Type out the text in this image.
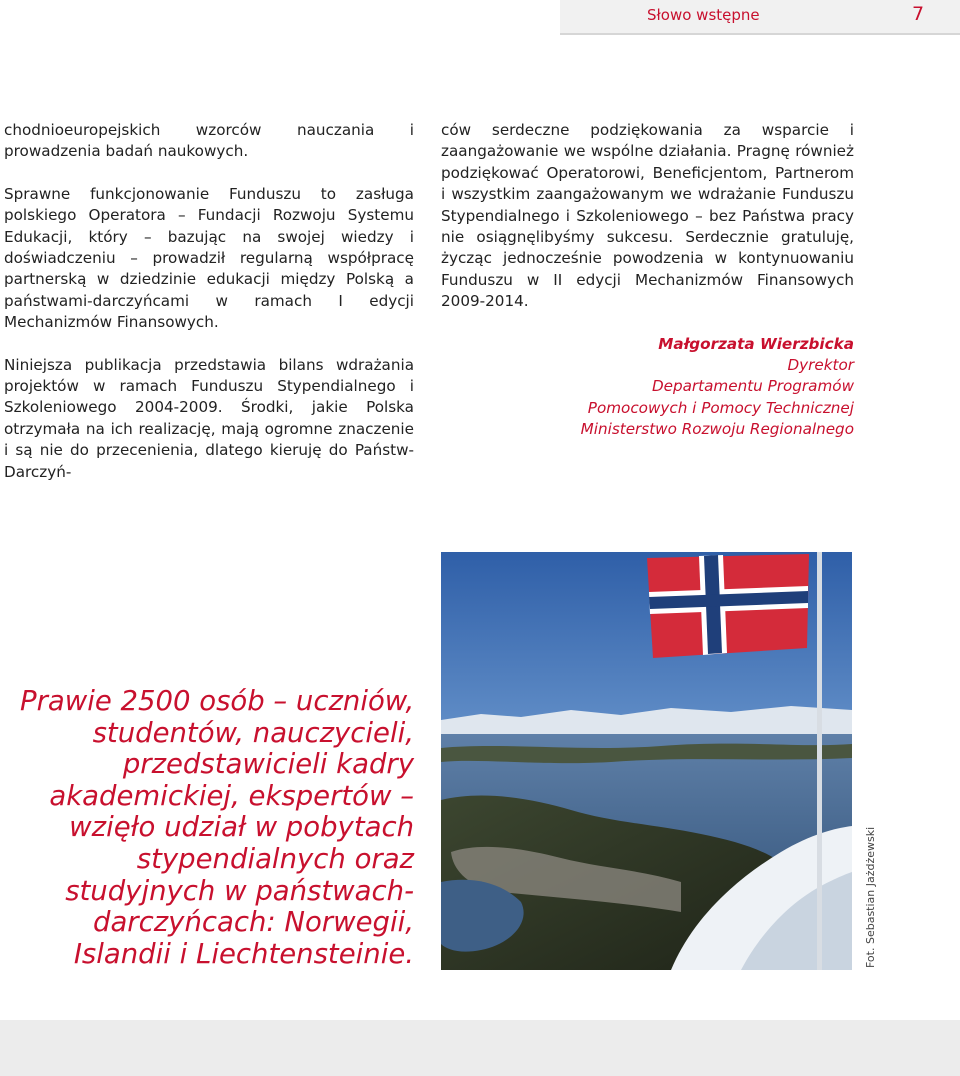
Słowo wstępne	7

chodnioeuropejskich wzorców nauczania i prowadzenia badań naukowych.

Sprawne funkcjonowanie Funduszu to zasługa polskiego Operatora – Fundacji Rozwoju Systemu Edukacji, który – bazując na swojej wiedzy i doświadczeniu – prowadził regularną współpracę partnerską w dziedzinie edukacji między Polską a państwami-darczyńcami w ramach I edycji Mechanizmów Finansowych.

Niniejsza publikacja przedstawia bilans wdrażania projektów w ramach Funduszu Stypendialnego i Szkoleniowego 2004-2009. Środki, jakie Polska otrzymała na ich realizację, mają ogromne znaczenie i są nie do przecenienia, dlatego kieruję do Państw-Darczyń-

ców serdeczne podziękowania za wsparcie i zaangażowanie we wspólne działania. Pragnę również podziękować Operatorowi, Beneficjentom, Partnerom i wszystkim zaangażowanym we wdrażanie Funduszu Stypendialnego i Szkoleniowego – bez Państwa pracy nie osiągnęlibyśmy sukcesu. Serdecznie gratuluję, życząc jednocześnie powodzenia w kontynuowaniu Funduszu w II edycji Mechanizmów Finansowych 2009-2014.

Małgorzata Wierzbicka
Dyrektor
Departamentu Programów
Pomocowych i Pomocy Technicznej
Ministerstwo Rozwoju Regionalnego
Prawie 2500 osób – uczniów,
studentów, nauczycieli,
przedstawicieli kadry
akademickiej, ekspertów –
wzięło udział w pobytach
stypendialnych oraz
studyjnych w państwach-
darczyńcach: Norwegii,
Islandii i Liechtensteinie.	Fot. Sebastian Jażdżewski
